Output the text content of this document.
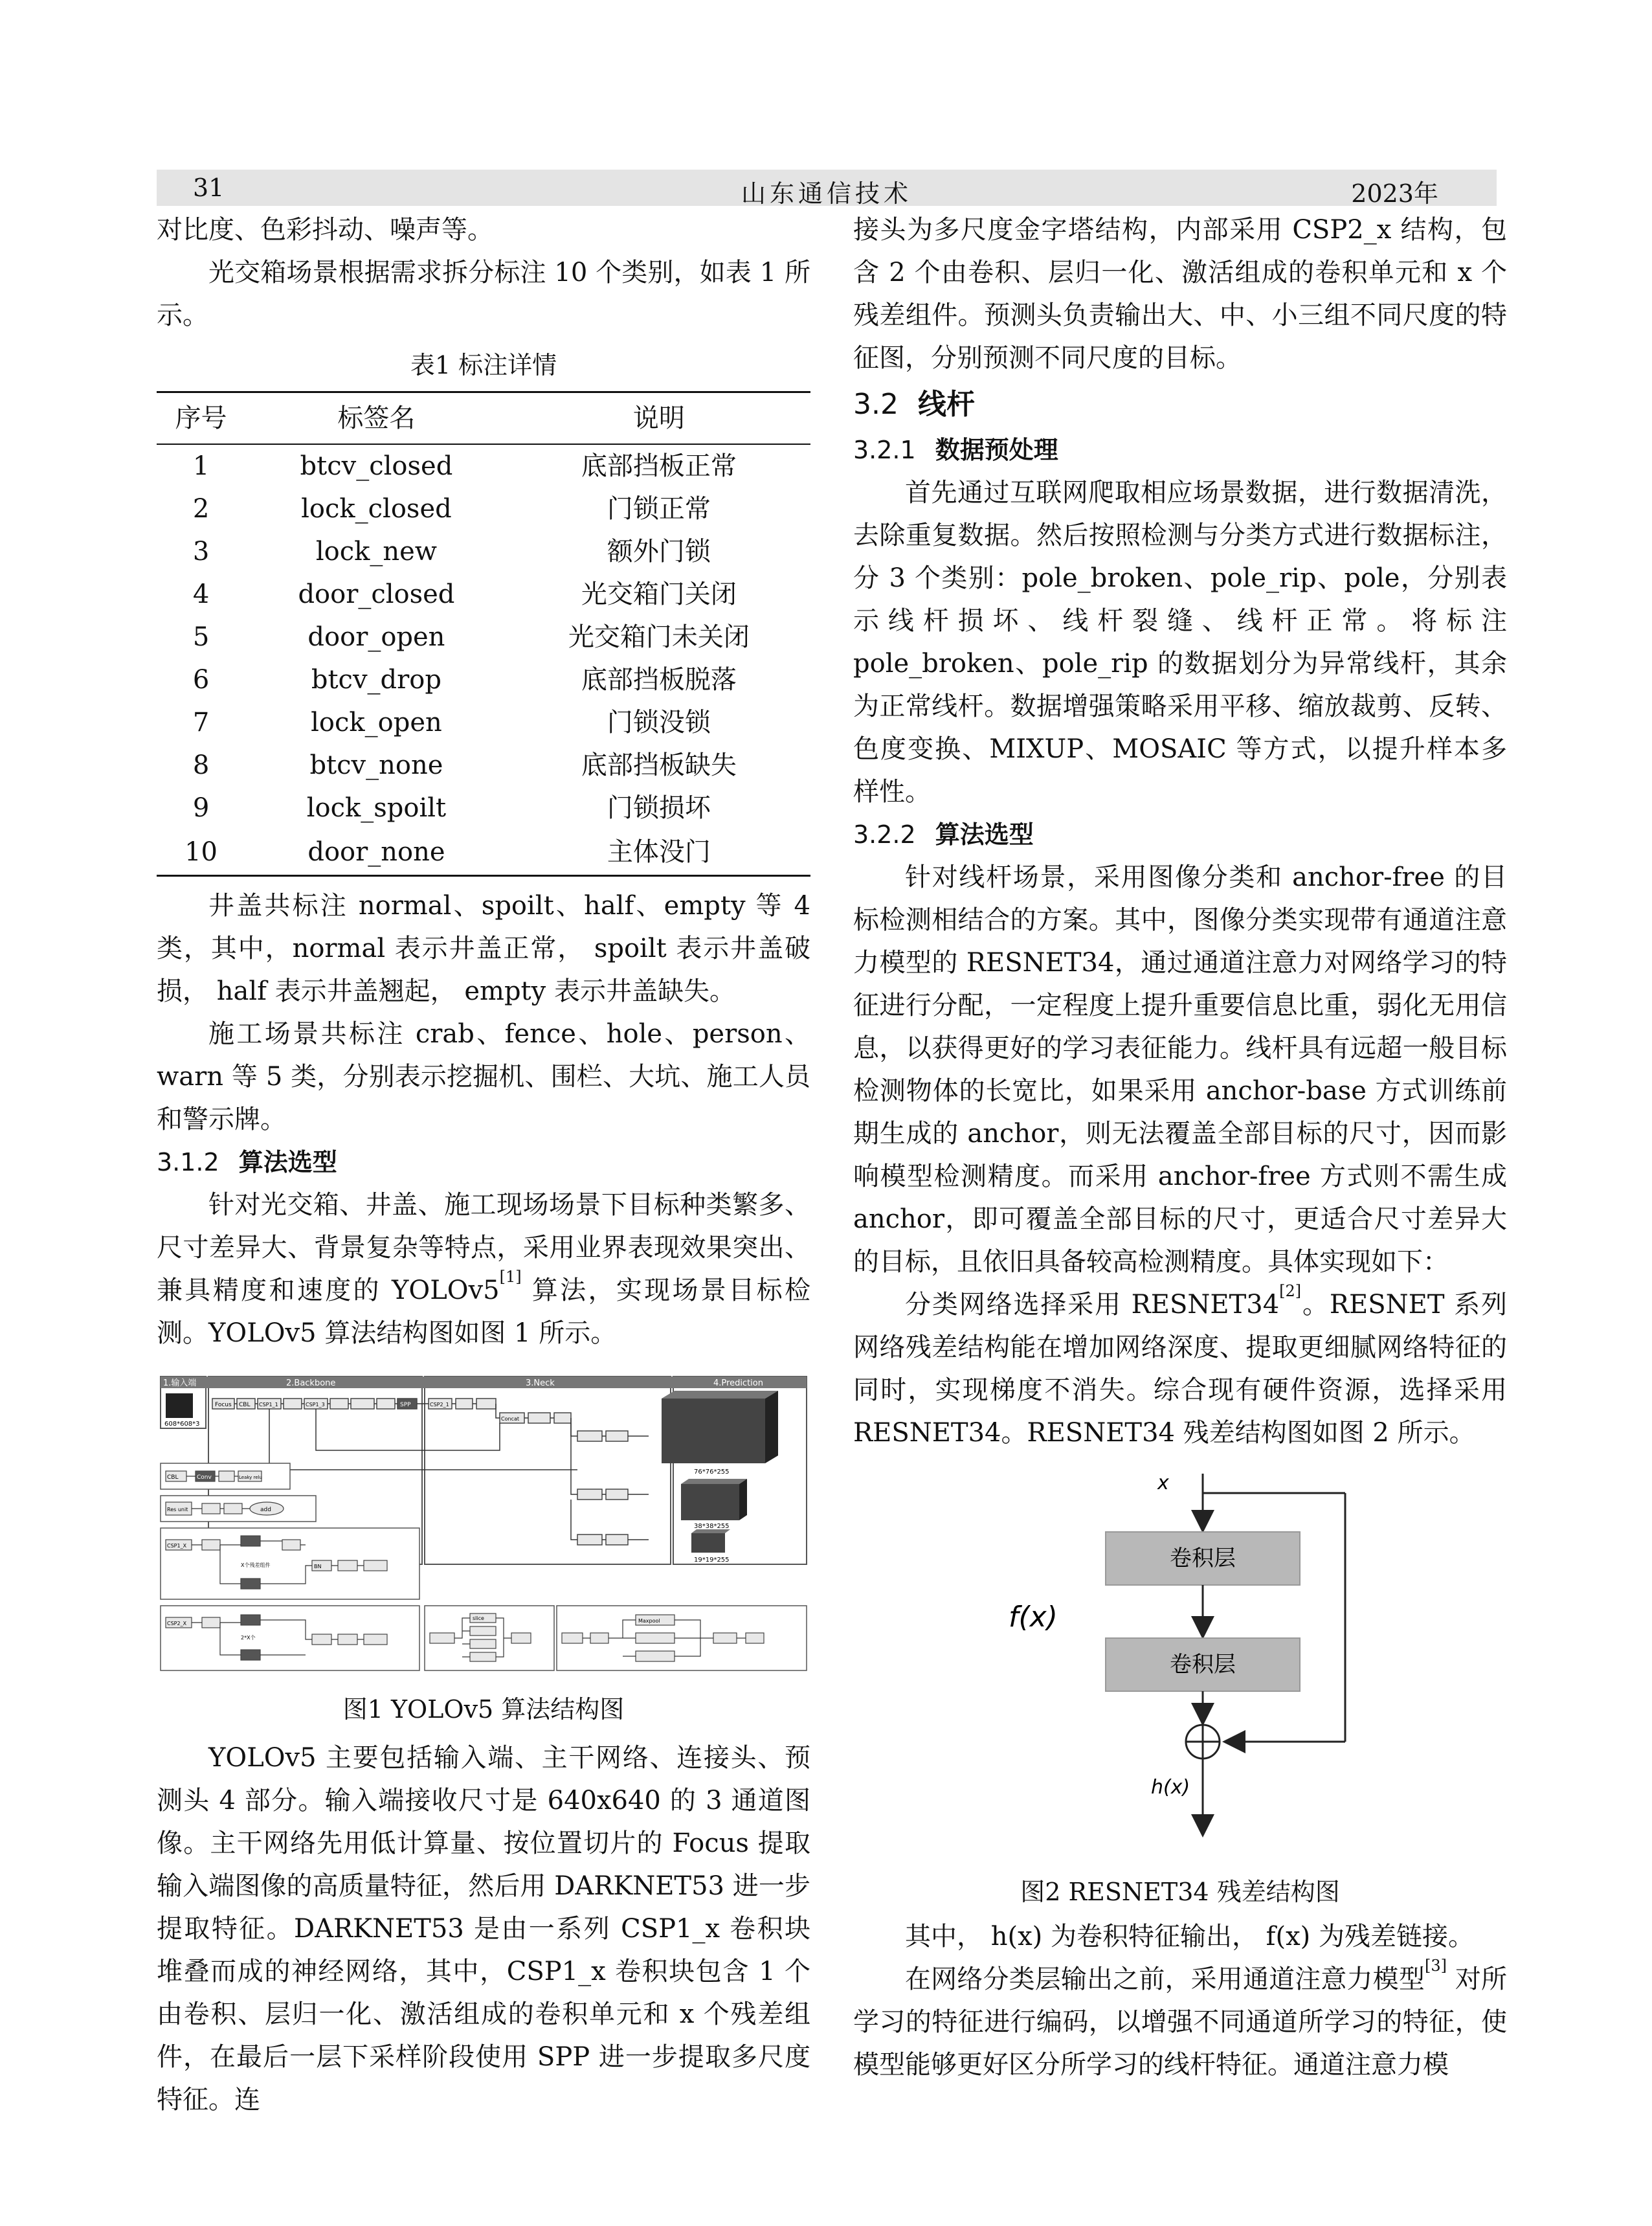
31	山东通信技术	2023年

对比度、色彩抖动、噪声等。

光交箱场景根据需求拆分标注 10 个类别，如表 1 所示。

表1 标注详情
序号	标签名	说明
1	btcv_closed	底部挡板正常
2	lock_closed	门锁正常
3	lock_new	额外门锁
4	door_closed	光交箱门关闭
5	door_open	光交箱门未关闭
6	btcv_drop	底部挡板脱落
7	lock_open	门锁没锁
8	btcv_none	底部挡板缺失
9	lock_spoilt	门锁损坏
10	door_none	主体没门

井盖共标注 normal、spoilt、half、empty 等 4 类，其中，normal 表示井盖正常， spoilt 表示井盖破损， half 表示井盖翘起， empty 表示井盖缺失。

施工场景共标注 crab、fence、hole、person、warn 等 5 类，分别表示挖掘机、围栏、大坑、施工人员和警示牌。

3.1.2 算法选型

针对光交箱、井盖、施工现场场景下目标种类繁多、尺寸差异大、背景复杂等特点，采用业界表现效果突出、兼具精度和速度的 YOLOv5[1] 算法，实现场景目标检测。YOLOv5 算法结构图如图 1 所示。

1.输入端	2.Backbone	3.Neck	4.Prediction
608*608*3
Focus CBL CSP1_1	CSP1_3	SPP	CSP2_1
Concat
76*76*255
38*38*255
19*19*255
CBL	Conv	Leaky relu
Res unit	add
CSP1_X
X个残差组件	BN
CSP2_X
2*X个
slice	Maxpool
图1 YOLOv5 算法结构图

YOLOv5 主要包括输入端、主干网络、连接头、预测头 4 部分。输入端接收尺寸是 640x640 的 3 通道图像。主干网络先用低计算量、按位置切片的 Focus 提取输入端图像的高质量特征，然后用 DARKNET53 进一步提取特征。DARKNET53 是由一系列 CSP1_x 卷积块堆叠而成的神经网络，其中，CSP1_x 卷积块包含 1 个由卷积、层归一化、激活组成的卷积单元和 x 个残差组件，在最后一层下采样阶段使用 SPP 进一步提取多尺度特征。连

接头为多尺度金字塔结构，内部采用 CSP2_x 结构，包含 2 个由卷积、层归一化、激活组成的卷积单元和 x 个残差组件。预测头负责输出大、中、小三组不同尺度的特征图，分别预测不同尺度的目标。

3.2 线杆
3.2.1 数据预处理

首先通过互联网爬取相应场景数据，进行数据清洗，去除重复数据。然后按照检测与分类方式进行数据标注，分 3 个类别：pole_broken、pole_rip、pole，分别表示线杆损坏、线杆裂缝、线杆正常。将标注 pole_broken、pole_rip 的数据划分为异常线杆，其余为正常线杆。数据增强策略采用平移、缩放裁剪、反转、色度变换、MIXUP、MOSAIC 等方式，以提升样本多样性。

3.2.2 算法选型

针对线杆场景，采用图像分类和 anchor-free 的目标检测相结合的方案。其中，图像分类实现带有通道注意力模型的 RESNET34，通过通道注意力对网络学习的特征进行分配，一定程度上提升重要信息比重，弱化无用信息，以获得更好的学习表征能力。线杆具有远超一般目标检测物体的长宽比，如果采用 anchor-base 方式训练前期生成的 anchor，则无法覆盖全部目标的尺寸，因而影响模型检测精度。而采用 anchor-free 方式则不需生成 anchor，即可覆盖全部目标的尺寸，更适合尺寸差异大的目标，且依旧具备较高检测精度。具体实现如下：

分类网络选择采用 RESNET34[2]。RESNET 系列网络残差结构能在增加网络深度、提取更细腻网络特征的同时，实现梯度不消失。综合现有硬件资源，选择采用 RESNET34。RESNET34 残差结构图如图 2 所示。

x
卷积层
卷积层
h(x)
f(x)
图2 RESNET34 残差结构图

其中， h(x) 为卷积特征输出， f(x) 为残差链接。

在网络分类层输出之前，采用通道注意力模型[3] 对所学习的特征进行编码，以增强不同通道所学习的特征，使模型能够更好区分所学习的线杆特征。通道注意力模
